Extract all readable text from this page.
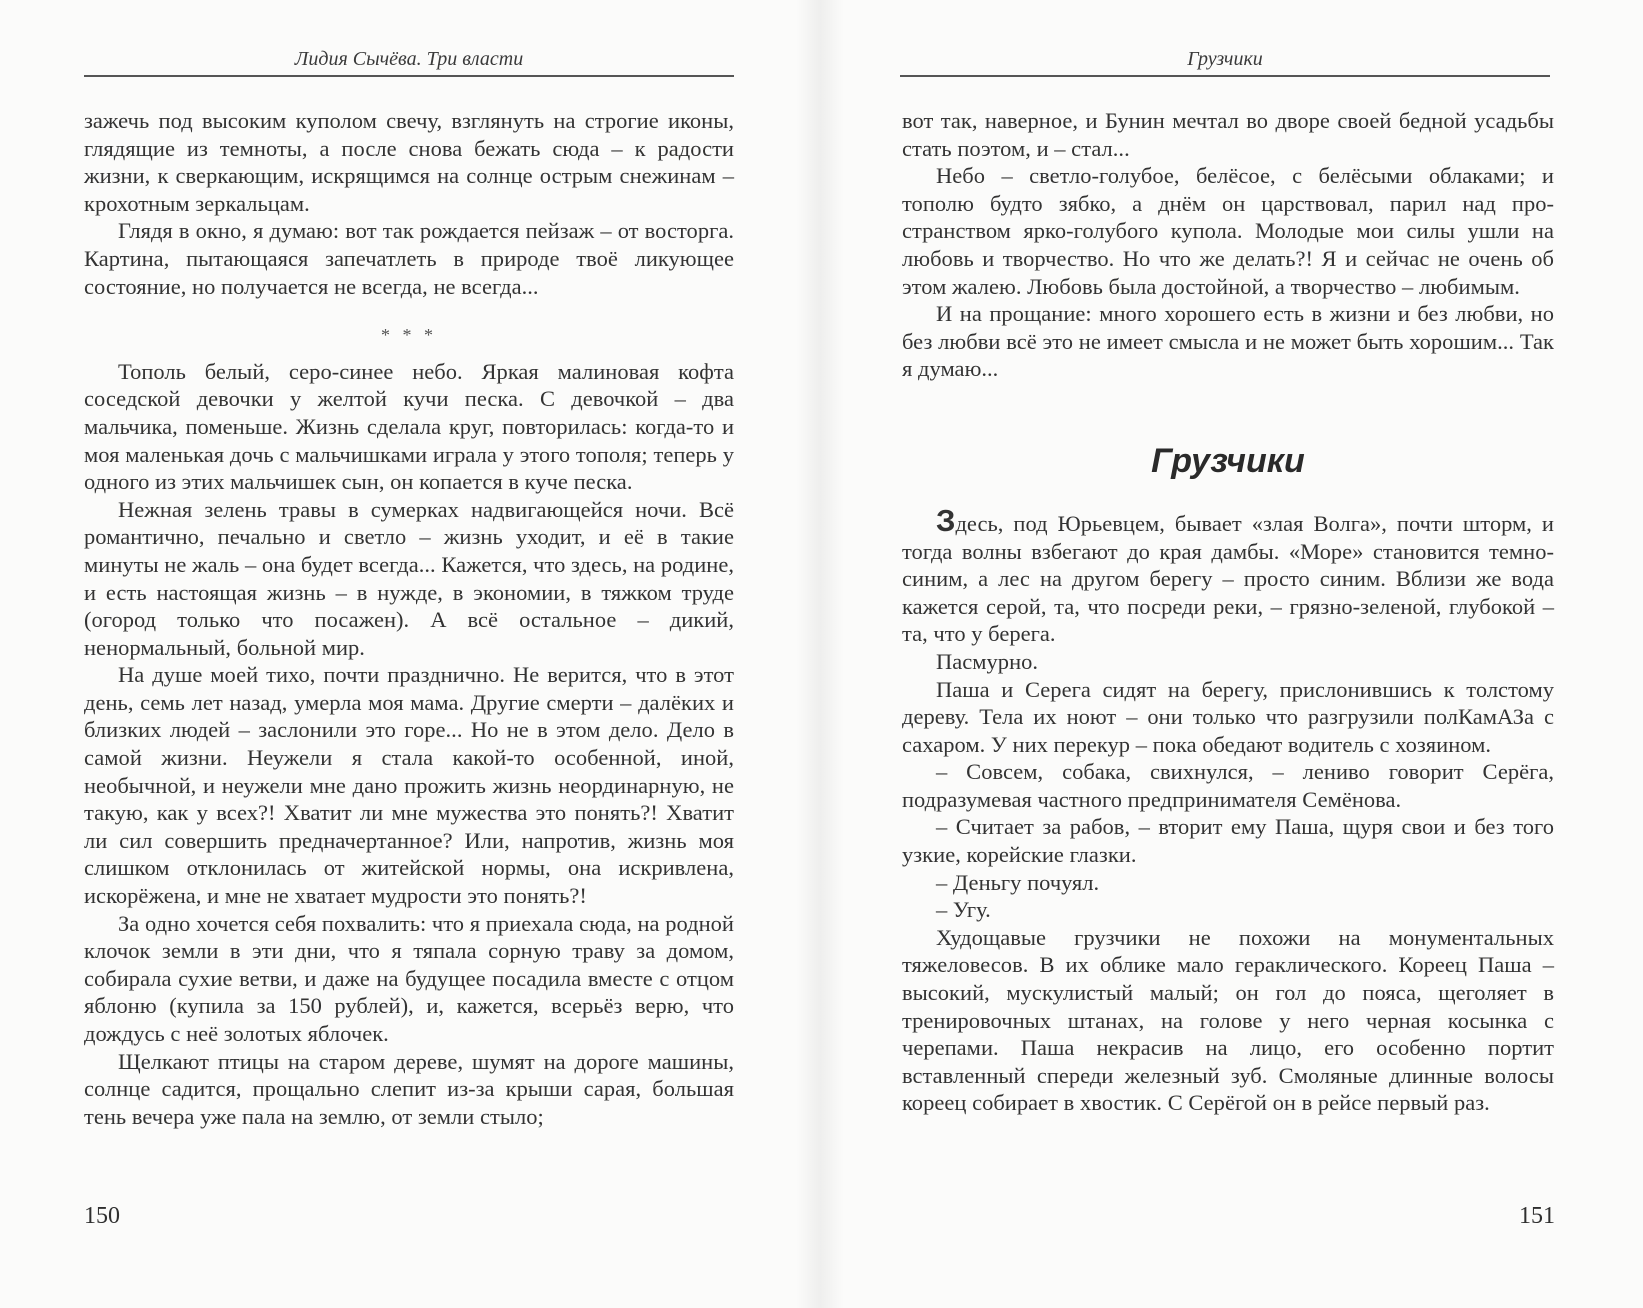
Лидия Сычёва. Три власти

зажечь под высоким куполом свечу, взглянуть на строгие иконы, глядящие из темноты, а после снова бежать сюда – к радости жизни, к сверкающим, искрящимся на солнце острым снежинам – крохотным зеркальцам.

Глядя в окно, я думаю: вот так рождается пейзаж – от восторга. Картина, пытающаяся запечатлеть в природе твоё ликующее состояние, но получается не всегда, не всегда...

* * *

Тополь белый, серо-синее небо. Яркая малиновая кофта соседской девочки у желтой кучи песка. С девочкой – два мальчика, поменьше. Жизнь сделала круг, повторилась: когда-то и моя маленькая дочь с мальчишками играла у этого тополя; теперь у одного из этих мальчишек сын, он копается в куче песка.

Нежная зелень травы в сумерках надвигающейся ночи. Всё романтично, печально и светло – жизнь уходит, и её в такие минуты не жаль – она будет всегда... Кажется, что здесь, на родине, и есть настоящая жизнь – в нужде, в экономии, в тяжком труде (огород только что посажен). А всё остальное – дикий, ненормальный, больной мир.

На душе моей тихо, почти празднично. Не верится, что в этот день, семь лет назад, умерла моя мама. Другие смерти – далёких и близких людей – заслонили это горе... Но не в этом дело. Дело в самой жизни. Неужели я стала какой-то особенной, иной, необычной, и неужели мне дано прожить жизнь неординарную, не такую, как у всех?! Хватит ли мне мужества это понять?! Хватит ли сил совершить предначертанное? Или, напротив, жизнь моя слишком отклонилась от житейской нормы, она искривлена, искорёжена, и мне не хватает мудрости это понять?!

За одно хочется себя похвалить: что я приехала сюда, на родной клочок земли в эти дни, что я тяпала сорную траву за домом, собирала сухие ветви, и даже на будущее посадила вместе с отцом яблоню (купила за 150 рублей), и, кажется, всерьёз верю, что дождусь с неё золотых яблочек.

Щелкают птицы на старом дереве, шумят на дороге машины, солнце садится, прощально слепит из-за крыши сарая, большая тень вечера уже пала на землю, от земли стыло;

150
Грузчики

вот так, наверное, и Бунин мечтал во дворе своей бедной усадьбы стать поэтом, и – стал...

Небо – светло-голубое, белёсое, с белёсыми облаками; и тополю будто зябко, а днём он царствовал, парил над пространством ярко-голубого купола. Молодые мои силы ушли на любовь и творчество. Но что же делать?! Я и сейчас не очень об этом жалею. Любовь была достойной, а творчество – любимым.

И на прощание: много хорошего есть в жизни и без любви, но без любви всё это не имеет смысла и не может быть хорошим... Так я думаю...

Грузчики

Здесь, под Юрьевцем, бывает «злая Волга», почти шторм, и тогда волны взбегают до края дамбы. «Море» становится темно-синим, а лес на другом берегу – просто синим. Вблизи же вода кажется серой, та, что посреди реки, – грязно-зеленой, глубокой – та, что у берега.

Пасмурно.

Паша и Серега сидят на берегу, прислонившись к толстому дереву. Тела их ноют – они только что разгрузили полКамАЗа с сахаром. У них перекур – пока обедают водитель с хозяином.

– Совсем, собака, свихнулся, – лениво говорит Серёга, подразумевая частного предпринимателя Семёнова.

– Считает за рабов, – вторит ему Паша, щуря свои и без того узкие, корейские глазки.

– Деньгу почуял.

– Угу.

Худощавые грузчики не похожи на монументальных тяжеловесов. В их облике мало геракличеcкого. Кореец Паша – высокий, мускулистый малый; он гол до пояса, щеголяет в тренировочных штанах, на голове у него черная косынка с черепами. Паша некрасив на лицо, его особенно портит вставленный спереди железный зуб. Смоляные длинные волосы кореец собирает в хвостик. С Серёгой он в рейсе первый раз.

151
